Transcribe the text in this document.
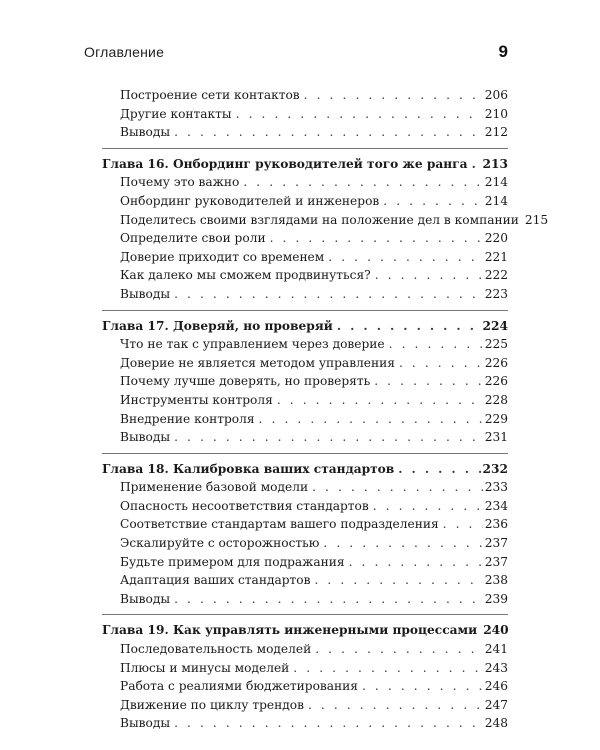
Оглавление	9
Построение сети контактов . . .	206
Другие контакты . . .	210
Выводы . . .	212
Глава 16. Онбординг руководителей того же ранга . . . 213
Почему это важно . . .	214
Онбординг руководителей и инженеров . . .	214
Поделитесь своими взглядами на положение дел в компании 215
Определите свои роли . . .	220
Доверие приходит со временем . . .	221
Как далеко мы сможем продвинуться? . . .	222
Выводы . . .	223
Глава 17. Доверяй, но проверяй . . .	224
Что не так с управлением через доверие . . .	225
Доверие не является методом управления . . .	226
Почему лучше доверять, но проверять . . .	226
Инструменты контроля . . .	228
Внедрение контроля . . .	229
Выводы . . .	231
Глава 18. Калибровка ваших стандартов . . .	232
Применение базовой модели . . .	233
Опасность несоответствия стандартов . . .	234
Соответствие стандартам вашего подразделения . . .	236
Эскалируйте с осторожностью . . .	237
Будьте примером для подражания . . .	237
Адаптация ваших стандартов . . .	238
Выводы . . .	239
Глава 19. Как управлять инженерными процессами 240
Последовательность моделей . . .	241
Плюсы и минусы моделей . . .	243
Работа с реалиями бюджетирования . . .	246
Движение по циклу трендов . . .	247
Выводы . . .	248
